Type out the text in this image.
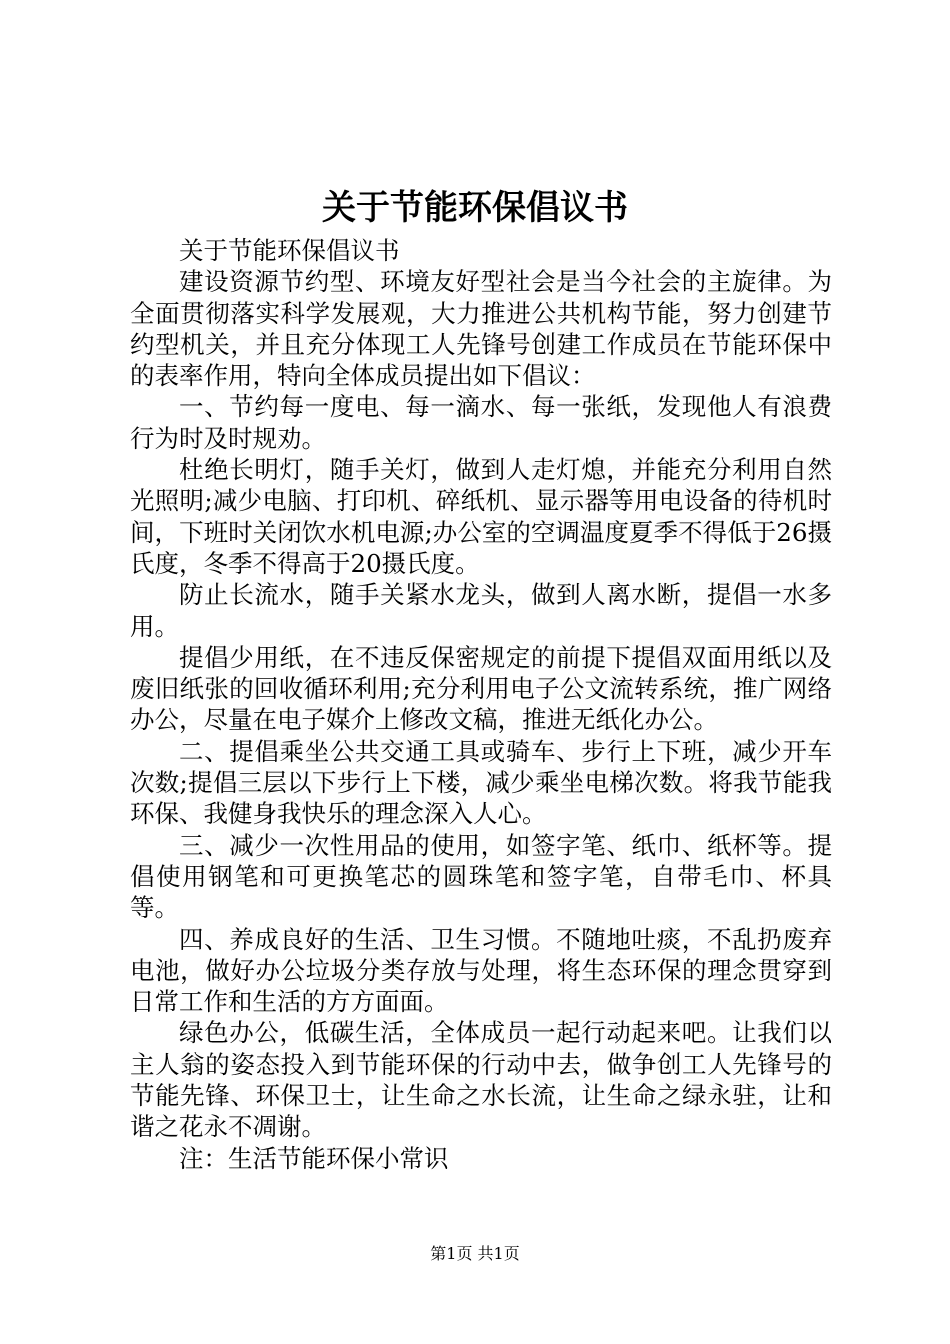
关于节能环保倡议书

关于节能环保倡议书

建设资源节约型、环境友好型社会是当今社会的主旋律。为全面贯彻落实科学发展观，大力推进公共机构节能，努力创建节约型机关，并且充分体现工人先锋号创建工作成员在节能环保中的表率作用，特向全体成员提出如下倡议：

一、节约每一度电、每一滴水、每一张纸，发现他人有浪费行为时及时规劝。

杜绝长明灯，随手关灯，做到人走灯熄，并能充分利用自然光照明;减少电脑、打印机、碎纸机、显示器等用电设备的待机时间，下班时关闭饮水机电源;办公室的空调温度夏季不得低于26摄氏度，冬季不得高于20摄氏度。

防止长流水，随手关紧水龙头，做到人离水断，提倡一水多用。

提倡少用纸，在不违反保密规定的前提下提倡双面用纸以及废旧纸张的回收循环利用;充分利用电子公文流转系统，推广网络办公，尽量在电子媒介上修改文稿，推进无纸化办公。

二、提倡乘坐公共交通工具或骑车、步行上下班，减少开车次数;提倡三层以下步行上下楼，减少乘坐电梯次数。将我节能我环保、我健身我快乐的理念深入人心。

三、减少一次性用品的使用，如签字笔、纸巾、纸杯等。提倡使用钢笔和可更换笔芯的圆珠笔和签字笔，自带毛巾、杯具等。

四、养成良好的生活、卫生习惯。不随地吐痰，不乱扔废弃电池，做好办公垃圾分类存放与处理，将生态环保的理念贯穿到日常工作和生活的方方面面。

绿色办公，低碳生活，全体成员一起行动起来吧。让我们以主人翁的姿态投入到节能环保的行动中去，做争创工人先锋号的节能先锋、环保卫士，让生命之水长流，让生命之绿永驻，让和谐之花永不凋谢。

注：生活节能环保小常识

第1页 共1页
